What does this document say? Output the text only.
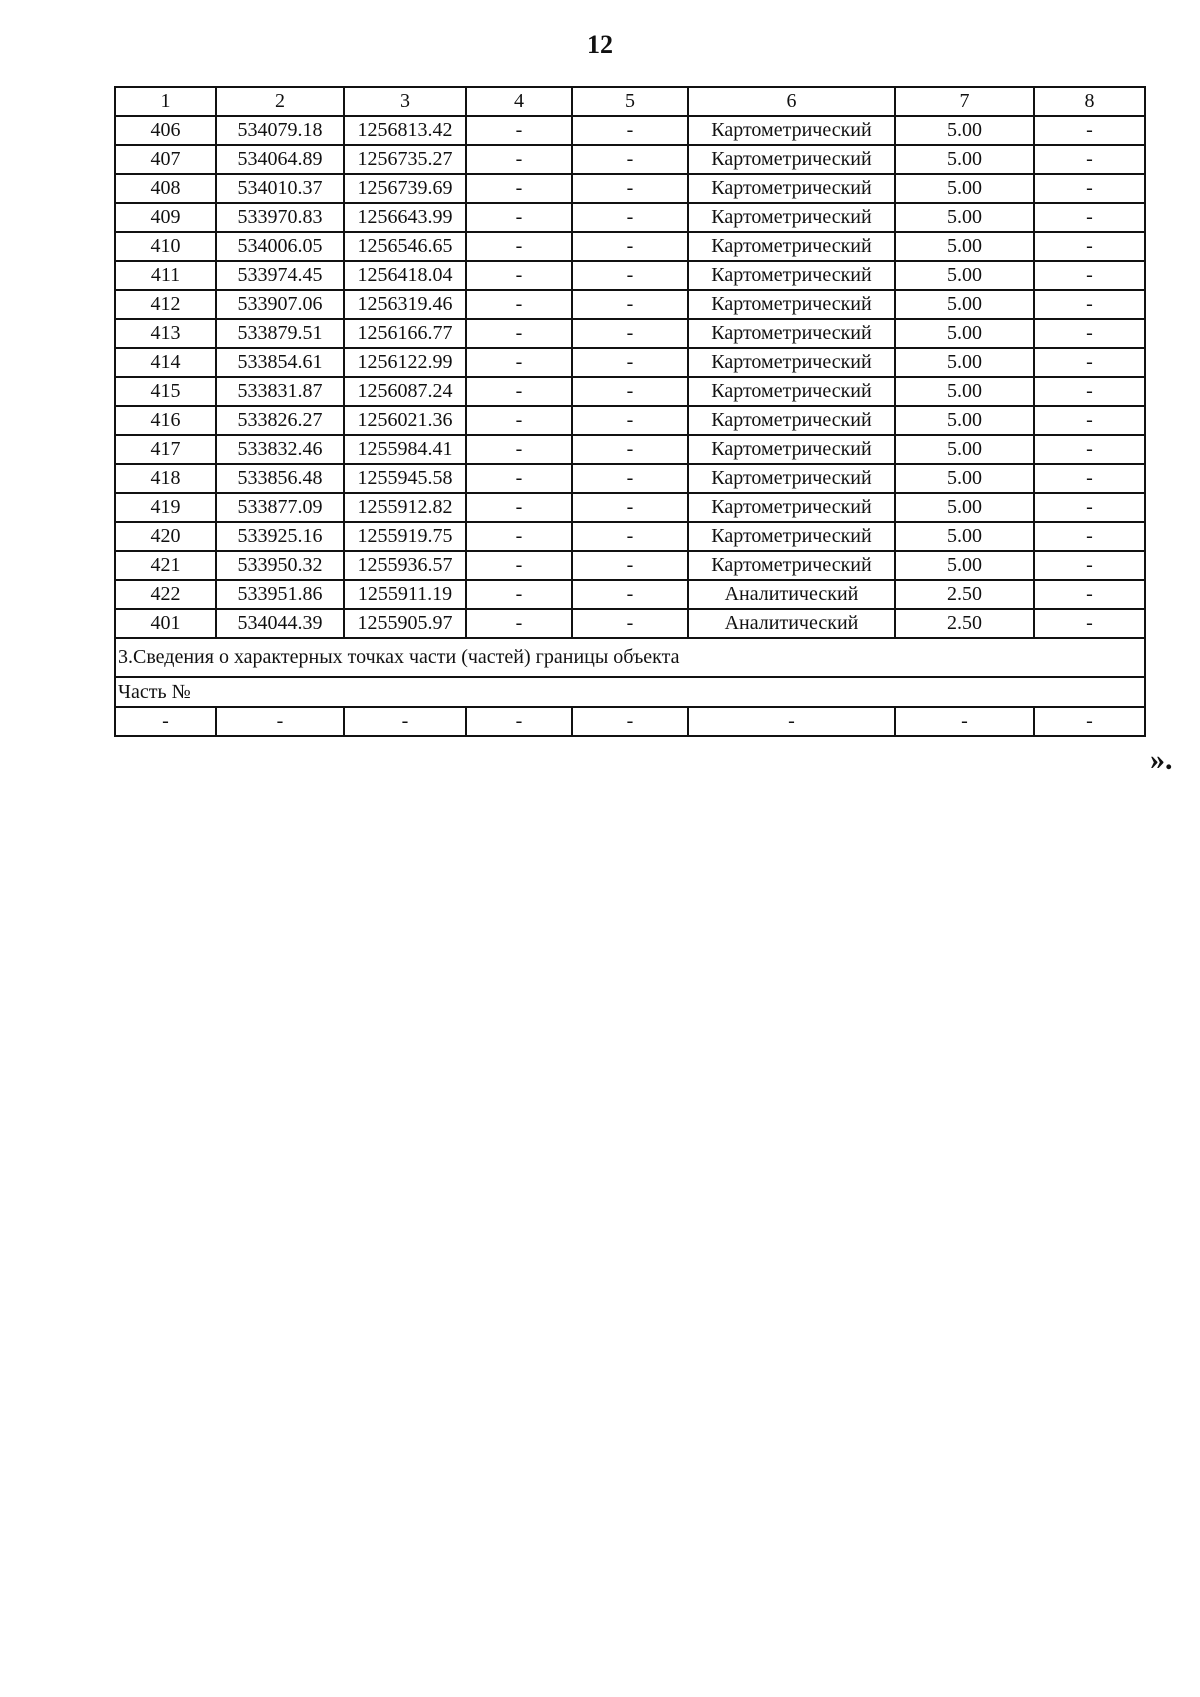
12
1	2	3	4	5	6	7	8
406	534079.18	1256813.42	-	-	Картометрический	5.00	-
407	534064.89	1256735.27	-	-	Картометрический	5.00	-
408	534010.37	1256739.69	-	-	Картометрический	5.00	-
409	533970.83	1256643.99	-	-	Картометрический	5.00	-
410	534006.05	1256546.65	-	-	Картометрический	5.00	-
411	533974.45	1256418.04	-	-	Картометрический	5.00	-
412	533907.06	1256319.46	-	-	Картометрический	5.00	-
413	533879.51	1256166.77	-	-	Картометрический	5.00	-
414	533854.61	1256122.99	-	-	Картометрический	5.00	-
415	533831.87	1256087.24	-	-	Картометрический	5.00	-
416	533826.27	1256021.36	-	-	Картометрический	5.00	-
417	533832.46	1255984.41	-	-	Картометрический	5.00	-
418	533856.48	1255945.58	-	-	Картометрический	5.00	-
419	533877.09	1255912.82	-	-	Картометрический	5.00	-
420	533925.16	1255919.75	-	-	Картометрический	5.00	-
421	533950.32	1255936.57	-	-	Картометрический	5.00	-
422	533951.86	1255911.19	-	-	Аналитический	2.50	-
401	534044.39	1255905.97	-	-	Аналитический	2.50	-
3.Сведения о характерных точках части (частей) границы объекта							
Часть №							
-	-	-	-	-	-	-	-
».
